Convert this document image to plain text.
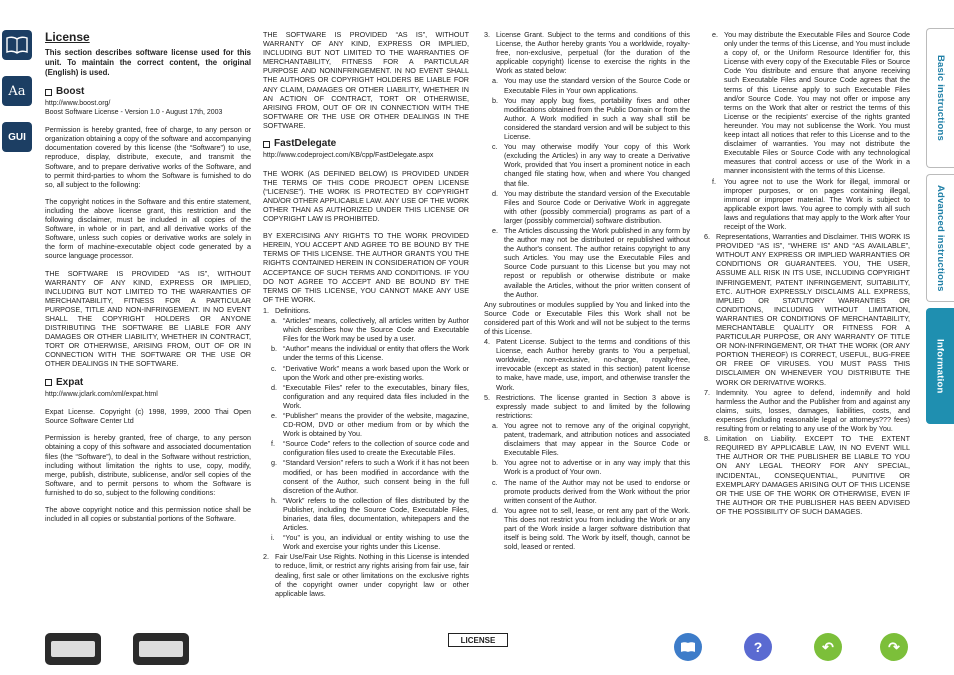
Aa
GUI	Basic instructions
Advanced instructions
Information
License
This section describes software license used for this unit. To maintain the correct content, the original (English) is used.
Boost
http://www.boost.org/
Boost Software License - Version 1.0 - August 17th, 2003
Permission is hereby granted, free of charge, to any person or organization obtaining a copy of the software and accompanying documentation covered by this license (the “Software”) to use, reproduce, display, distribute, execute, and transmit the Software, and to prepare derivative works of the Software, and to permit third-parties to whom the Software is furnished to do so, all subject to the following:
The copyright notices in the Software and this entire statement, including the above license grant, this restriction and the following disclaimer, must be included in all copies of the Software, in whole or in part, and all derivative works of the Software, unless such copies or derivative works are solely in the form of machine-executable object code generated by a source language processor.
THE SOFTWARE IS PROVIDED “AS IS”, WITHOUT WARRANTY OF ANY KIND, EXPRESS OR IMPLIED, INCLUDING BUT NOT LIMITED TO THE WARRANTIES OF MERCHANTABILITY, FITNESS FOR A PARTICULAR PURPOSE, TITLE AND NON-INFRINGEMENT. IN NO EVENT SHALL THE COPYRIGHT HOLDERS OR ANYONE DISTRIBUTING THE SOFTWARE BE LIABLE FOR ANY DAMAGES OR OTHER LIABILITY, WHETHER IN CONTRACT, TORT OR OTHERWISE, ARISING FROM, OUT OF OR IN CONNECTION WITH THE SOFTWARE OR THE USE OR OTHER DEALINGS IN THE SOFTWARE.
Expat
http://www.jclark.com/xml/expat.html
Expat License. Copyright (c) 1998, 1999, 2000 Thai Open Source Software Center Ltd
Permission is hereby granted, free of charge, to any person obtaining a copy of this software and associated documentation files (the “Software”), to deal in the Software without restriction, including without limitation the rights to use, copy, modify, merge, publish, distribute, sublicense, and/or sell copies of the Software, and to permit persons to whom the Software is furnished to do so, subject to the following conditions:
The above copyright notice and this permission notice shall be included in all copies or substantial portions of the Software.
THE SOFTWARE IS PROVIDED “AS IS”, WITHOUT WARRANTY OF ANY KIND, EXPRESS OR IMPLIED, INCLUDING BUT NOT LIMITED TO THE WARRANTIES OF MERCHANTABILITY, FITNESS FOR A PARTICULAR PURPOSE AND NONINFRINGEMENT. IN NO EVENT SHALL THE AUTHORS OR COPYRIGHT HOLDERS BE LIABLE FOR ANY CLAIM, DAMAGES OR OTHER LIABILITY, WHETHER IN AN ACTION OF CONTRACT, TORT OR OTHERWISE, ARISING FROM, OUT OF OR IN CONNECTION WITH THE SOFTWARE OR THE USE OR OTHER DEALINGS IN THE SOFTWARE.
FastDelegate
http://www.codeproject.com/KB/cpp/FastDelegate.aspx
THE WORK (AS DEFINED BELOW) IS PROVIDED UNDER THE TERMS OF THIS CODE PROJECT OPEN LICENSE (“LICENSE”). THE WORK IS PROTECTED BY COPYRIGHT AND/OR OTHER APPLICABLE LAW. ANY USE OF THE WORK OTHER THAN AS AUTHORIZED UNDER THIS LICENSE OR COPYRIGHT LAW IS PROHIBITED.
BY EXERCISING ANY RIGHTS TO THE WORK PROVIDED HEREIN, YOU ACCEPT AND AGREE TO BE BOUND BY THE TERMS OF THIS LICENSE. THE AUTHOR GRANTS YOU THE RIGHTS CONTAINED HEREIN IN CONSIDERATION OF YOUR ACCEPTANCE OF SUCH TERMS AND CONDITIONS. IF YOU DO NOT AGREE TO ACCEPT AND BE BOUND BY THE TERMS OF THIS LICENSE, YOU CANNOT MAKE ANY USE OF THE WORK.
1. Definitions.
a. “Articles” means, collectively, all articles written by Author which describes how the Source Code and Executable Files for the Work may be used by a user.
b. “Author” means the individual or entity that offers the Work under the terms of this License.
c. “Derivative Work” means a work based upon the Work or upon the Work and other pre-existing works.
d. “Executable Files” refer to the executables, binary files, configuration and any required data files included in the Work.
e. “Publisher” means the provider of the website, magazine, CD-ROM, DVD or other medium from or by which the Work is obtained by You.
f.	“Source Code” refers to the collection of source code and configuration files used to create the Executable Files.
g. “Standard Version” refers to such a Work if it has not been modified, or has been modified in accordance with the consent of the Author, such consent being in the full discretion of the Author.
h. “Work” refers to the collection of files distributed by the Publisher, including the Source Code, Executable Files, binaries, data files, documentation, whitepapers and the Articles.
i.	“You” is you, an individual or entity wishing to use the Work and exercise your rights under this License.
2. Fair Use/Fair Use Rights. Nothing in this License is intended to reduce, limit, or restrict any rights arising from fair use, fair dealing, first sale or other limitations on the exclusive rights of the copyright owner under copyright law or other applicable laws.
3. License Grant. Subject to the terms and conditions of this License, the Author hereby grants You a worldwide, royalty-free, non-exclusive, perpetual (for the duration of the applicable copyright) license to exercise the rights in the Work as stated below:
a. You may use the standard version of the Source Code or Executable Files in Your own applications.
b. You may apply bug fixes, portability fixes and other modifications obtained from the Public Domain or from the Author. A Work modified in such a way shall still be considered the standard version and will be subject to this License.
c. You may otherwise modify Your copy of this Work (excluding the Articles) in any way to create a Derivative Work, provided that You insert a prominent notice in each changed file stating how, when and where You changed that file.
d. You may distribute the standard version of the Executable Files and Source Code or Derivative Work in aggregate with other (possibly commercial) programs as part of a larger (possibly commercial) software distribution.
e. The Articles discussing the Work published in any form by the author may not be distributed or republished without the Author's consent. The author retains copyright to any such Articles. You may use the Executable Files and Source Code pursuant to this License but you may not repost or republish or otherwise distribute or make available the Articles, without the prior written consent of the Author.
Any subroutines or modules supplied by You and linked into the Source Code or Executable Files this Work shall not be considered part of this Work and will not be subject to the terms of this License.
4. Patent License. Subject to the terms and conditions of this License, each Author hereby grants to You a perpetual, worldwide, non-exclusive, no-charge, royalty-free, irrevocable (except as stated in this section) patent license to make, have made, use, import, and otherwise transfer the Work.
5. Restrictions. The license granted in Section 3 above is expressly made subject to and limited by the following restrictions:
a. You agree not to remove any of the original copyright, patent, trademark, and attribution notices and associated disclaimers that may appear in the Source Code or Executable Files.
b. You agree not to advertise or in any way imply that this Work is a product of Your own.
c. The name of the Author may not be used to endorse or promote products derived from the Work without the prior written consent of the Author.
d. You agree not to sell, lease, or rent any part of the Work. This does not restrict you from including the Work or any part of the Work inside a larger software distribution that itself is being sold. The Work by itself, though, cannot be sold, leased or rented.
e. You may distribute the Executable Files and Source Code only under the terms of this License, and You must include a copy of, or the Uniform Resource Identifier for, this License with every copy of the Executable Files or Source Code You distribute and ensure that anyone receiving such Executable Files and Source Code agrees that the terms of this License apply to such Executable Files and/or Source Code. You may not offer or impose any terms on the Work that alter or restrict the terms of this License or the recipients' exercise of the rights granted hereunder. You may not sublicense the Work. You must keep intact all notices that refer to this License and to the disclaimer of warranties. You may not distribute the Executable Files or Source Code with any technological measures that control access or use of the Work in a manner inconsistent with the terms of this License.
f.	You agree not to use the Work for illegal, immoral or improper purposes, or on pages containing illegal, immoral or improper material. The Work is subject to applicable export laws. You agree to comply with all such laws and regulations that may apply to the Work after Your receipt of the Work.
6. Representations, Warranties and Disclaimer. THIS WORK IS PROVIDED “AS IS”, “WHERE IS” AND “AS AVAILABLE”, WITHOUT ANY EXPRESS OR IMPLIED WARRANTIES OR CONDITIONS OR GUARANTEES. YOU, THE USER, ASSUME ALL RISK IN ITS USE, INCLUDING COPYRIGHT INFRINGEMENT, PATENT INFRINGEMENT, SUITABILITY, ETC. AUTHOR EXPRESSLY DISCLAIMS ALL EXPRESS, IMPLIED OR STATUTORY WARRANTIES OR CONDITIONS, INCLUDING WITHOUT LIMITATION, WARRANTIES OR CONDITIONS OF MERCHANTABILITY, MERCHANTABLE QUALITY OR FITNESS FOR A PARTICULAR PURPOSE, OR ANY WARRANTY OF TITLE OR NON-INFRINGEMENT, OR THAT THE WORK (OR ANY PORTION THEREOF) IS CORRECT, USEFUL, BUG-FREE OR FREE OF VIRUSES. YOU MUST PASS THIS DISCLAIMER ON WHENEVER YOU DISTRIBUTE THE WORK OR DERIVATIVE WORKS.
7. Indemnity. You agree to defend, indemnify and hold harmless the Author and the Publisher from and against any claims, suits, losses, damages, liabilities, costs, and expenses (including reasonable legal or attorneys??? fees) resulting from or relating to any use of the Work by You.
8. Limitation on Liability. EXCEPT TO THE EXTENT REQUIRED BY APPLICABLE LAW, IN NO EVENT WILL THE AUTHOR OR THE PUBLISHER BE LIABLE TO YOU ON ANY LEGAL THEORY FOR ANY SPECIAL, INCIDENTAL, CONSEQUENTIAL, PUNITIVE OR EXEMPLARY DAMAGES ARISING OUT OF THIS LICENSE OR THE USE OF THE WORK OR OTHERWISE, EVEN IF THE AUTHOR OR THE PUBLISHER HAS BEEN ADVISED OF THE POSSIBILITY OF SUCH DAMAGES.
LICENSE	?	↶	↷
